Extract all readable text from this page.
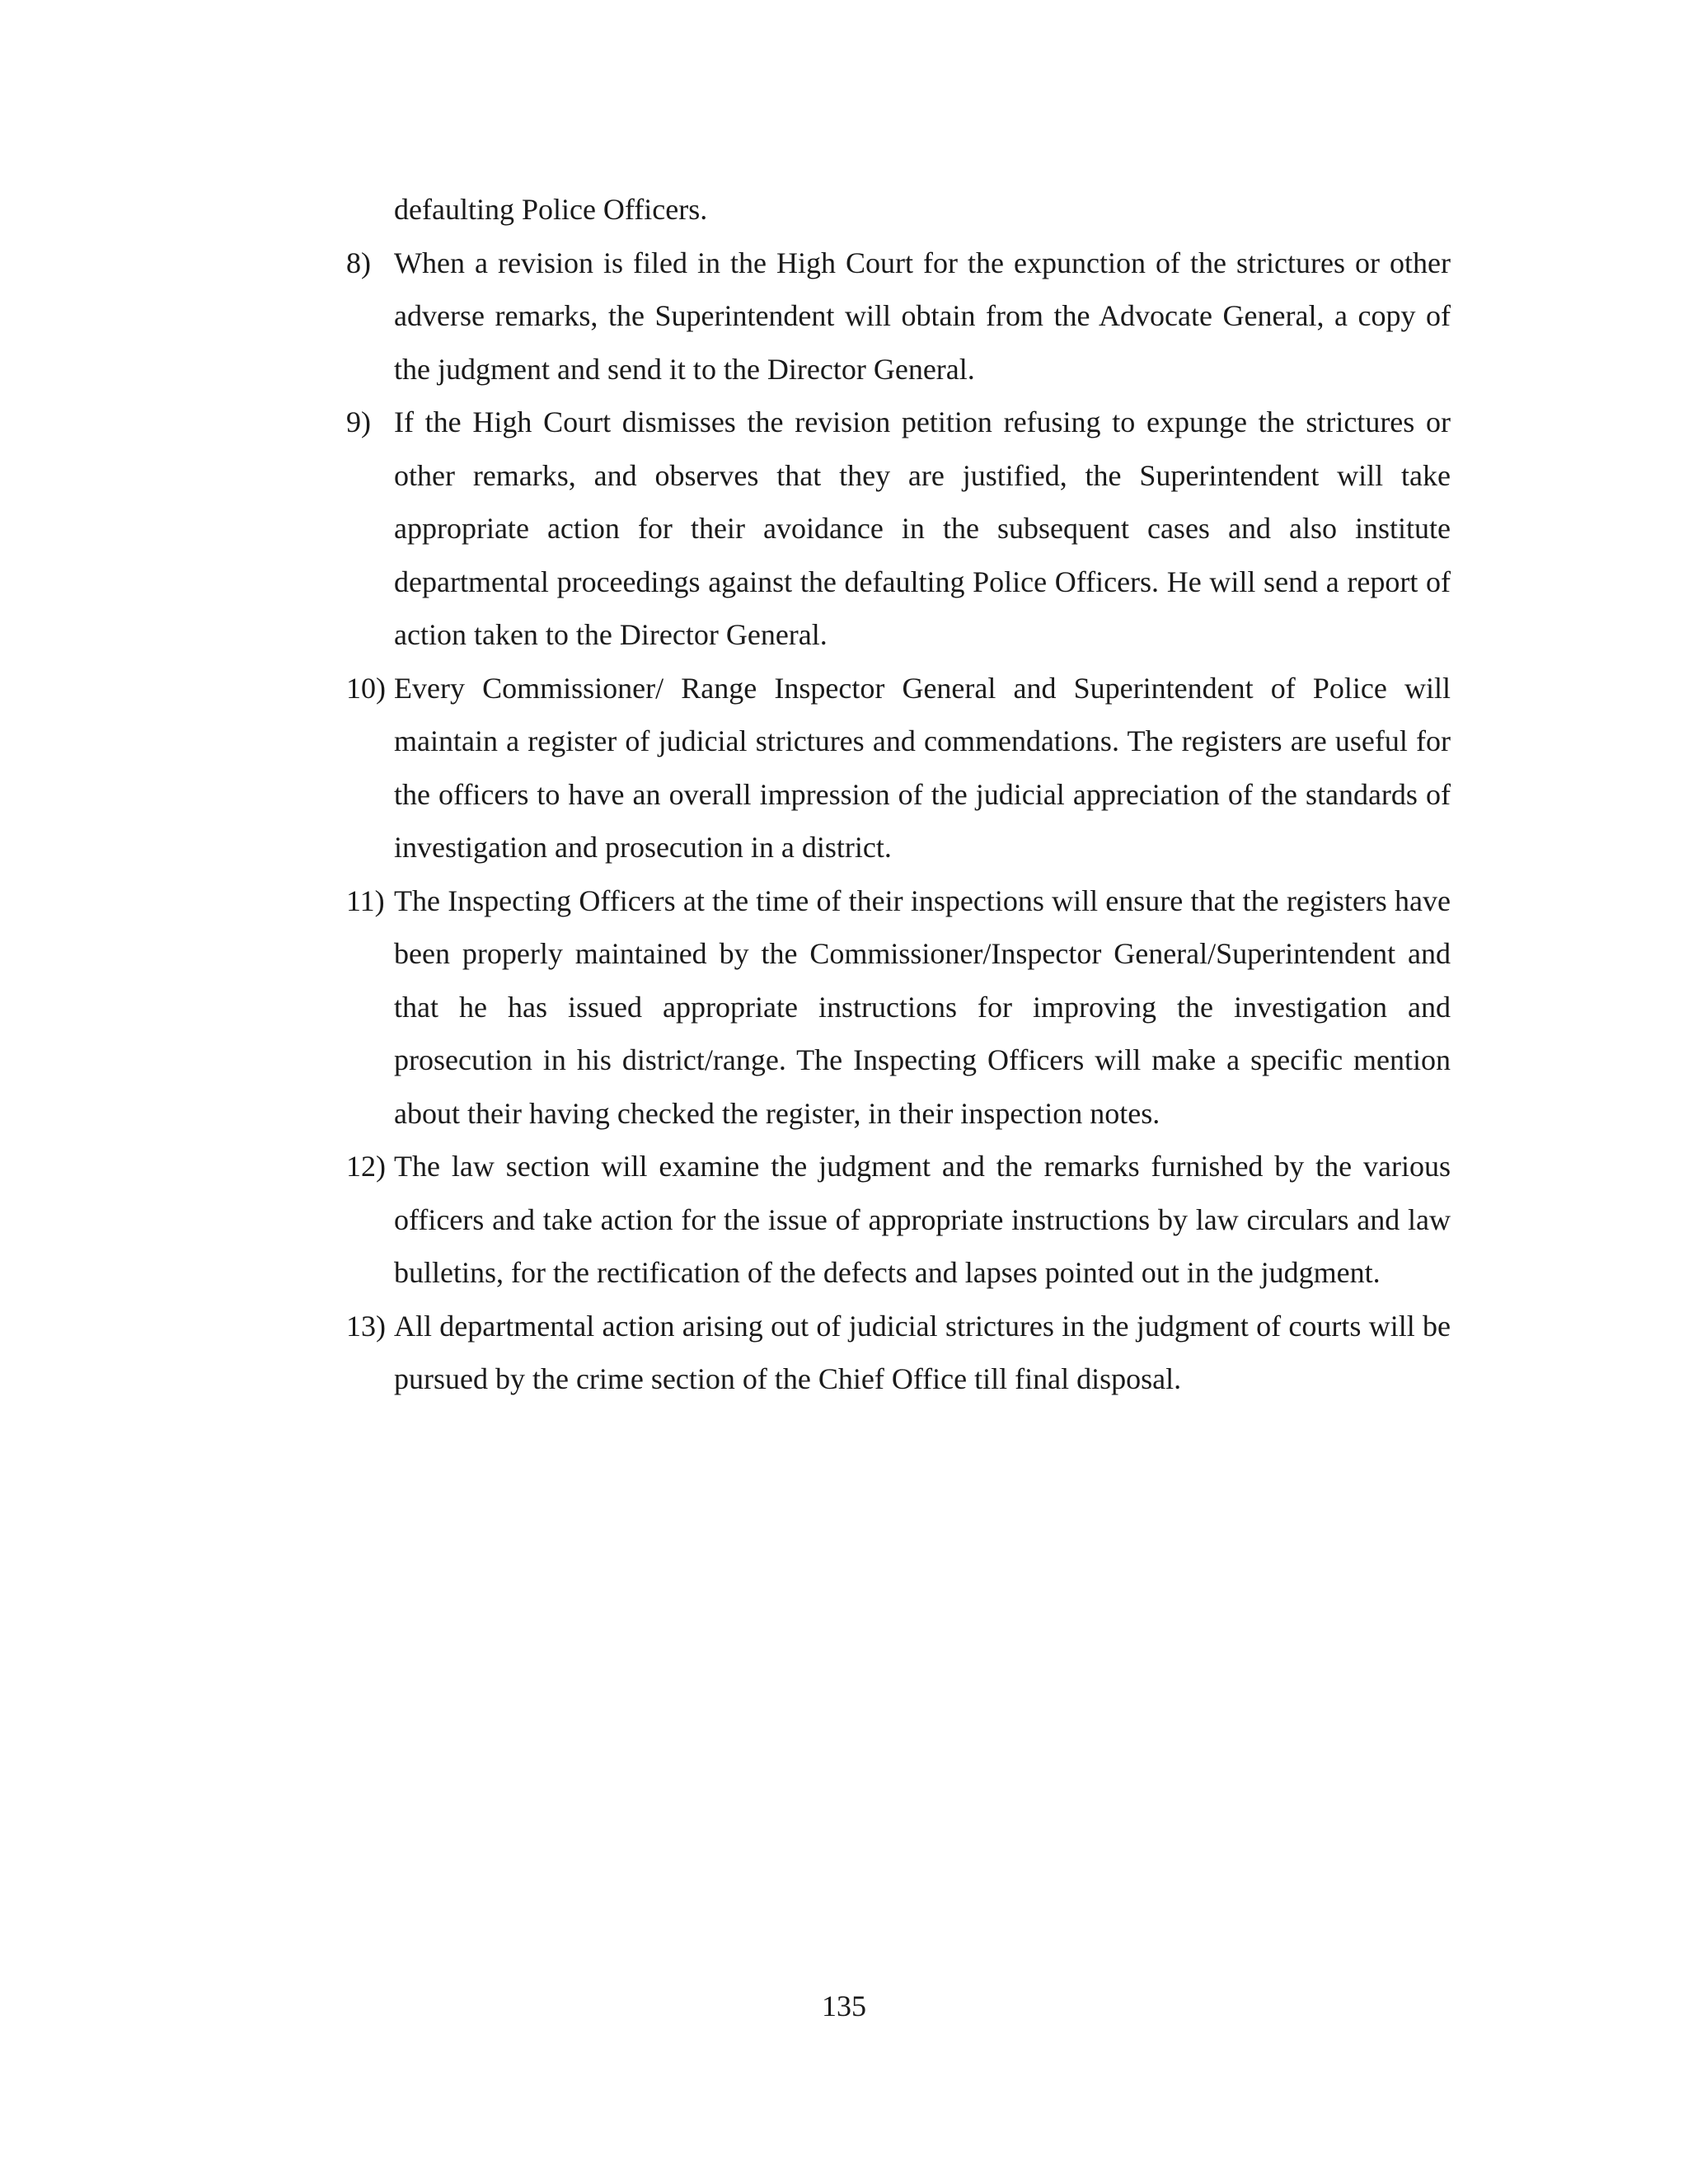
defaulting Police Officers.

8) When a revision is filed in the High Court for the expunction of the strictures or other adverse remarks, the Superintendent will obtain from the Advocate General, a copy of the judgment and send it to the Director General.
9) If the High Court dismisses the revision petition refusing to expunge the strictures or other remarks, and observes that they are justified, the Superintendent will take appropriate action for their avoidance in the subsequent cases and also institute departmental proceedings against the defaulting Police Officers. He will send a report of action taken to the Director General.
10) Every Commissioner/ Range Inspector General and Superintendent of Police will maintain a register of judicial strictures and commendations. The registers are useful for the officers to have an overall impression of the judicial appreciation of the standards of investigation and prosecution in a district.
11) The Inspecting Officers at the time of their inspections will ensure that the registers have been properly maintained by the Commissioner/Inspector General/Superintendent and that he has issued appropriate instructions for improving the investigation and prosecution in his district/range. The Inspecting Officers will make a specific mention about their having checked the register, in their inspection notes.
12) The law section will examine the judgment and the remarks furnished by the various officers and take action for the issue of appropriate instructions by law circulars and law bulletins, for the rectification of the defects and lapses pointed out in the judgment.
13) All departmental action arising out of judicial strictures in the judgment of courts will be pursued by the crime section of the Chief Office till final disposal.
135
